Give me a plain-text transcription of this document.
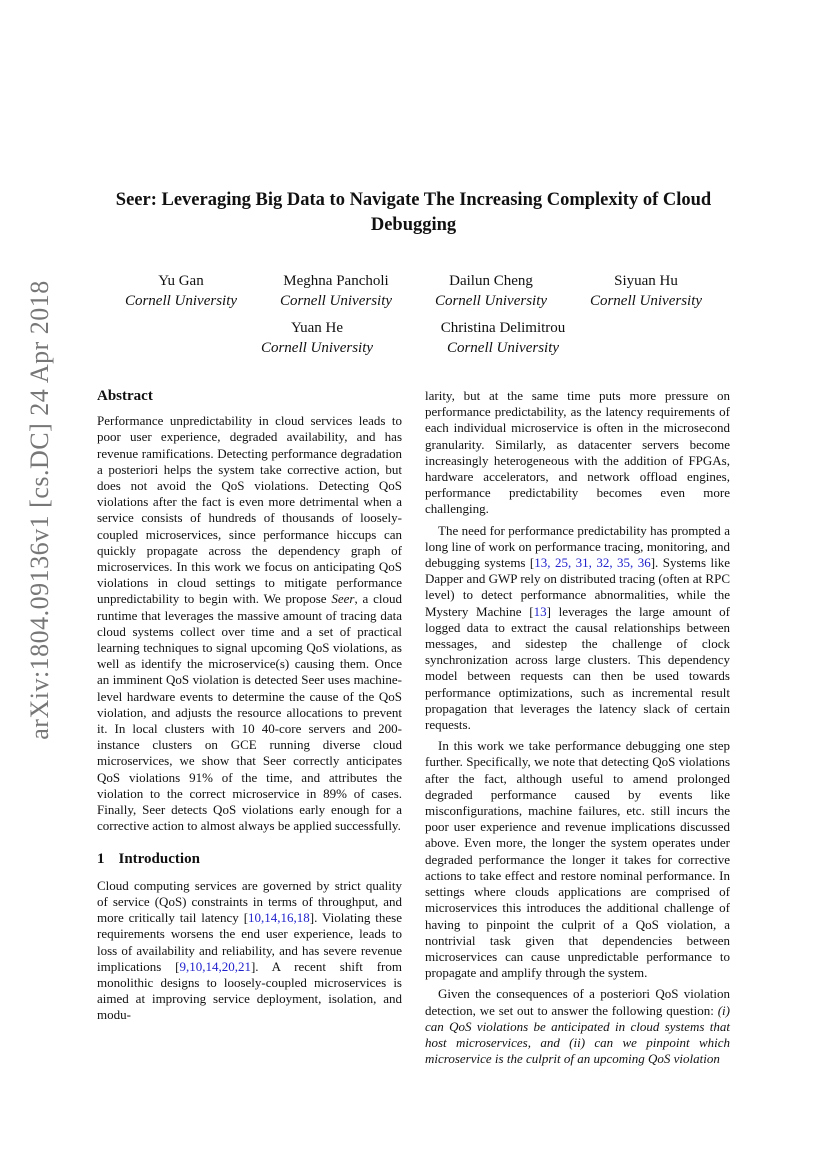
arXiv:1804.09136v1 [cs.DC] 24 Apr 2018
Seer: Leveraging Big Data to Navigate The Increasing Complexity of Cloud
Debugging
Yu Gan
Cornell University
Meghna Pancholi
Cornell University
Dailun Cheng
Cornell University
Siyuan Hu
Cornell University
Yuan He
Cornell University
Christina Delimitrou
Cornell University
Abstract

Performance unpredictability in cloud services leads to poor user experience, degraded availability, and has revenue ramifications. Detecting performance degradation a posteriori helps the system take corrective action, but does not avoid the QoS violations. Detecting QoS violations after the fact is even more detrimental when a service consists of hundreds of thousands of loosely-coupled microservices, since performance hiccups can quickly propagate across the dependency graph of microservices. In this work we focus on anticipating QoS violations in cloud settings to mitigate performance unpredictability to begin with. We propose Seer, a cloud runtime that leverages the massive amount of tracing data cloud systems collect over time and a set of practical learning techniques to signal upcoming QoS violations, as well as identify the microservice(s) causing them. Once an imminent QoS violation is detected Seer uses machine-level hardware events to determine the cause of the QoS violation, and adjusts the resource allocations to prevent it. In local clusters with 10 40-core servers and 200-instance clusters on GCE running diverse cloud microservices, we show that Seer correctly anticipates QoS violations 91% of the time, and attributes the violation to the correct microservice in 89% of cases. Finally, Seer detects QoS violations early enough for a corrective action to almost always be applied successfully.

1 Introduction

Cloud computing services are governed by strict quality of service (QoS) constraints in terms of throughput, and more critically tail latency [10,14,16,18]. Violating these requirements worsens the end user experience, leads to loss of availability and reliability, and has severe revenue implications [9,10,14,20,21]. A recent shift from monolithic designs to loosely-coupled microservices is aimed at improving service deployment, isolation, and modu-

larity, but at the same time puts more pressure on performance predictability, as the latency requirements of each individual microservice is often in the microsecond granularity. Similarly, as datacenter servers become increasingly heterogeneous with the addition of FPGAs, hardware accelerators, and network offload engines, performance predictability becomes even more challenging.

The need for performance predictability has prompted a long line of work on performance tracing, monitoring, and debugging systems [13, 25, 31, 32, 35, 36]. Systems like Dapper and GWP rely on distributed tracing (often at RPC level) to detect performance abnormalities, while the Mystery Machine [13] leverages the large amount of logged data to extract the causal relationships between messages, and sidestep the challenge of clock synchronization across large clusters. This dependency model between requests can then be used towards performance optimizations, such as incremental result propagation that leverages the latency slack of certain requests.

In this work we take performance debugging one step further. Specifically, we note that detecting QoS violations after the fact, although useful to amend prolonged degraded performance caused by events like misconfigurations, machine failures, etc. still incurs the poor user experience and revenue implications discussed above. Even more, the longer the system operates under degraded performance the longer it takes for corrective actions to take effect and restore nominal performance. In settings where clouds applications are comprised of microservices this introduces the additional challenge of having to pinpoint the culprit of a QoS violation, a nontrivial task given that dependencies between microservices can cause unpredictable performance to propagate and amplify through the system.

Given the consequences of a posteriori QoS violation detection, we set out to answer the following question: (i) can QoS violations be anticipated in cloud systems that host microservices, and (ii) can we pinpoint which microservice is the culprit of an upcoming QoS violation
